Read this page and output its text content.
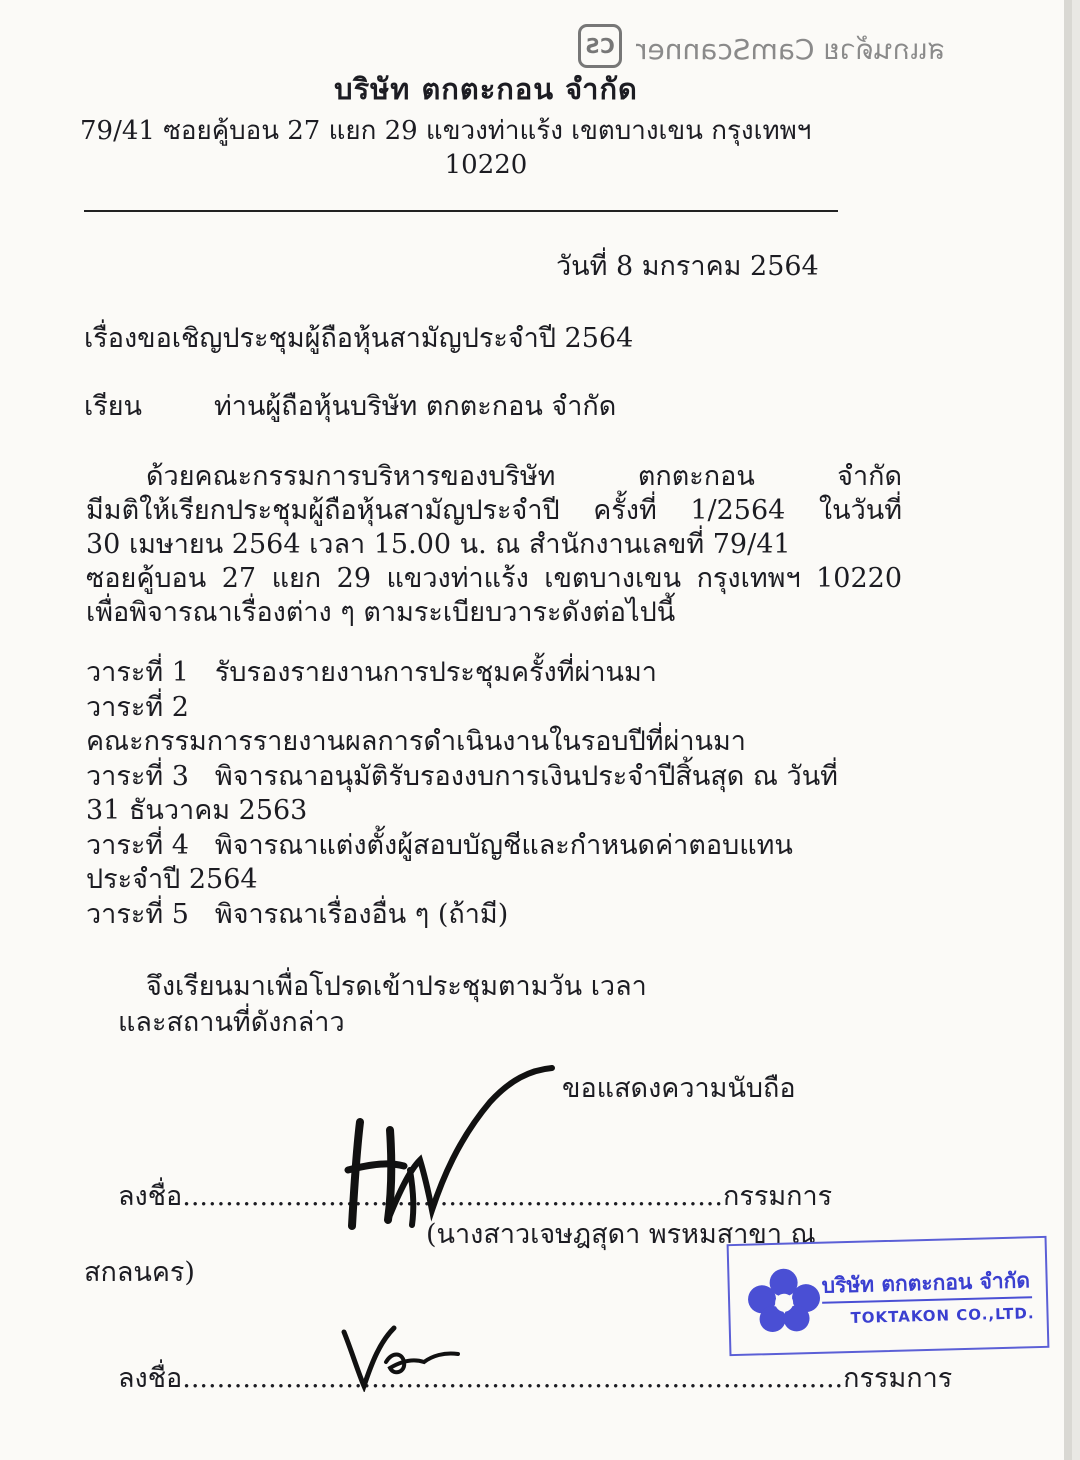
CS สแกนด้วย CamScanner
บริษัท ตกตะกอน จำกัด
79/41 ซอยคู้บอน 27 แยก 29 แขวงท่าแร้ง เขตบางเขน กรุงเทพฯ
10220
วันที่ 8 มกราคม 2564
เรื่องขอเชิญประชุมผู้ถือหุ้นสามัญประจำปี 2564
เรียน	ท่านผู้ถือหุ้นบริษัท ตกตะกอน จำกัด
ด้วยคณะกรรมการบริหารของบริษัท ตกตะกอน จำกัด
มีมติให้เรียกประชุมผู้ถือหุ้นสามัญประจำปี ครั้งที่ 1/2564 ในวันที่
30 เมษายน 2564 เวลา 15.00 น. ณ สำนักงานเลขที่ 79/41
ซอยคู้บอน 27 แยก 29 แขวงท่าแร้ง เขตบางเขน กรุงเทพฯ 10220
เพื่อพิจารณาเรื่องต่าง ๆ ตามระเบียบวาระดังต่อไปนี้
วาระที่ 1 รับรองรายงานการประชุมครั้งที่ผ่านมา
วาระที่ 2
คณะกรรมการรายงานผลการดำเนินงานในรอบปีที่ผ่านมา
วาระที่ 3 พิจารณาอนุมัติรับรองงบการเงินประจำปีสิ้นสุด ณ วันที่
31 ธันวาคม 2563
วาระที่ 4 พิจารณาแต่งตั้งผู้สอบบัญชีและกำหนดค่าตอบแทน
ประจำปี 2564
วาระที่ 5 พิจารณาเรื่องอื่น ๆ (ถ้ามี)
จึงเรียนมาเพื่อโปรดเข้าประชุมตามวัน เวลา
และสถานที่ดังกล่าว
ขอแสดงความนับถือ
ลงชื่อ...............................................................กรรมการ
(นางสาวเจษฎสุดา พรหมสาขา ณ
สกลนคร)
ลงชื่อ.............................................................................กรรมการ
บริษัท ตกตะกอน จำกัด
TOKTAKON CO.,LTD.
